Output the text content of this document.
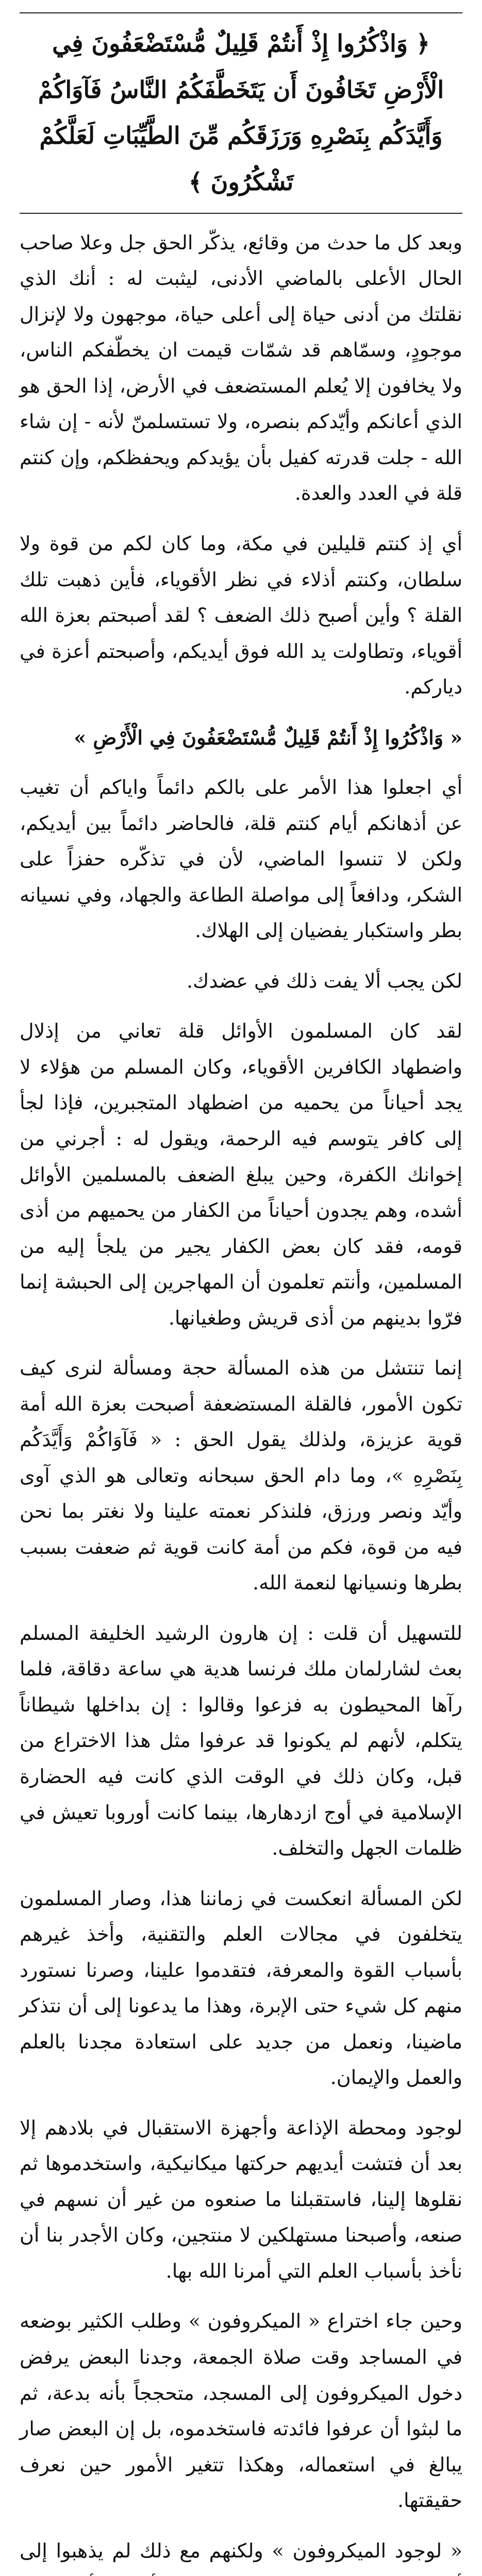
﴿ وَاذْكُرُوا إِذْ أَنتُمْ قَلِيلٌ مُّسْتَضْعَفُونَ فِي الْأَرْضِ تَخَافُونَ أَن يَتَخَطَّفَكُمُ النَّاسُ فَآوَاكُمْ وَأَيَّدَكُم بِنَصْرِهِ وَرَزَقَكُم مِّنَ الطَّيِّبَاتِ لَعَلَّكُمْ تَشْكُرُونَ ﴾

وبعد كل ما حدث من وقائع، يذكّر الحق جل وعلا صاحب الحال الأعلى بالماضي الأدنى، ليثبت له : أنك الذي نقلتك من أدنى حياة إلى أعلى حياة، موجهون ولا لإنزال موجودٍ، وسمّاهم قد شمّات قيمت ان يخطّفكم الناس، ولا يخافون إلا يُعلم المستضعف في الأرض، إذا الحق هو الذي أعانكم وأيّدكم بنصره، ولا تستسلمنّ لأنه - إن شاء الله - جلت قدرته كفيل بأن يؤيدكم ويحفظكم، وإن كنتم قلة في العدد والعدة.

أي إذ كنتم قليلين في مكة، وما كان لكم من قوة ولا سلطان، وكنتم أذلاء في نظر الأقوياء، فأين ذهبت تلك القلة ؟ وأين أصبح ذلك الضعف ؟ لقد أصبحتم بعزة الله أقوياء، وتطاولت يد الله فوق أيديكم، وأصبحتم أعزة في دياركم.

« وَاذْكُرُوا إِذْ أَنتُمْ قَلِيلٌ مُّسْتَضْعَفُونَ فِي الْأَرْضِ »

أي اجعلوا هذا الأمر على بالكم دائماً واياكم أن تغيب عن أذهانكم أيام كنتم قلة، فالحاضر دائماً بين أيديكم، ولكن لا تنسوا الماضي، لأن في تذكّره حفزاً على الشكر، ودافعاً إلى مواصلة الطاعة والجهاد، وفي نسيانه بطر واستكبار يفضيان إلى الهلاك.

لكن يجب ألا يفت ذلك في عضدك.

لقد كان المسلمون الأوائل قلة تعاني من إذلال واضطهاد الكافرين الأقوياء، وكان المسلم من هؤلاء لا يجد أحياناً من يحميه من اضطهاد المتجبرين، فإذا لجأ إلى كافر يتوسم فيه الرحمة، ويقول له : أجرني من إخوانك الكفرة، وحين يبلغ الضعف بالمسلمين الأوائل أشده، وهم يجدون أحياناً من الكفار من يحميهم من أذى قومه، فقد كان بعض الكفار يجير من يلجأ إليه من المسلمين، وأنتم تعلمون أن المهاجرين إلى الحبشة إنما فرّوا بدينهم من أذى قريش وطغيانها.

إنما تنتشل من هذه المسألة حجة ومسألة لنرى كيف تكون الأمور، فالقلة المستضعفة أصبحت بعزة الله أمة قوية عزيزة، ولذلك يقول الحق : « فَآوَاكُمْ وَأَيَّدَكُم بِنَصْرِهِ »، وما دام الحق سبحانه وتعالى هو الذي آوى وأيّد ونصر ورزق، فلنذكر نعمته علينا ولا نغتر بما نحن فيه من قوة، فكم من أمة كانت قوية ثم ضعفت بسبب بطرها ونسيانها لنعمة الله.

للتسهيل أن قلت : إن هارون الرشيد الخليفة المسلم بعث لشارلمان ملك فرنسا هدية هي ساعة دقاقة، فلما رآها المحيطون به فزعوا وقالوا : إن بداخلها شيطاناً يتكلم، لأنهم لم يكونوا قد عرفوا مثل هذا الاختراع من قبل، وكان ذلك في الوقت الذي كانت فيه الحضارة الإسلامية في أوج ازدهارها، بينما كانت أوروبا تعيش في ظلمات الجهل والتخلف.

لكن المسألة انعكست في زماننا هذا، وصار المسلمون يتخلفون في مجالات العلم والتقنية، وأخذ غيرهم بأسباب القوة والمعرفة، فتقدموا علينا، وصرنا نستورد منهم كل شيء حتى الإبرة، وهذا ما يدعونا إلى أن نتذكر ماضينا، ونعمل من جديد على استعادة مجدنا بالعلم والعمل والإيمان.

لوجود ومحطة الإذاعة وأجهزة الاستقبال في بلادهم إلا بعد أن فتشت أيديهم حركتها ميكانيكية، واستخدموها ثم نقلوها إلينا، فاستقبلنا ما صنعوه من غير أن نسهم في صنعه، وأصبحنا مستهلكين لا منتجين، وكان الأجدر بنا أن نأخذ بأسباب العلم التي أمرنا الله بها.

وحين جاء اختراع « الميكروفون » وطلب الكثير بوضعه في المساجد وقت صلاة الجمعة، وجدنا البعض يرفض دخول الميكروفون إلى المسجد، متحججاً بأنه بدعة، ثم ما لبثوا أن عرفوا فائدته فاستخدموه، بل إن البعض صار يبالغ في استعماله، وهكذا تتغير الأمور حين نعرف حقيقتها.

« لوجود الميكروفون » ولكنهم مع ذلك لم يذهبوا إلى
